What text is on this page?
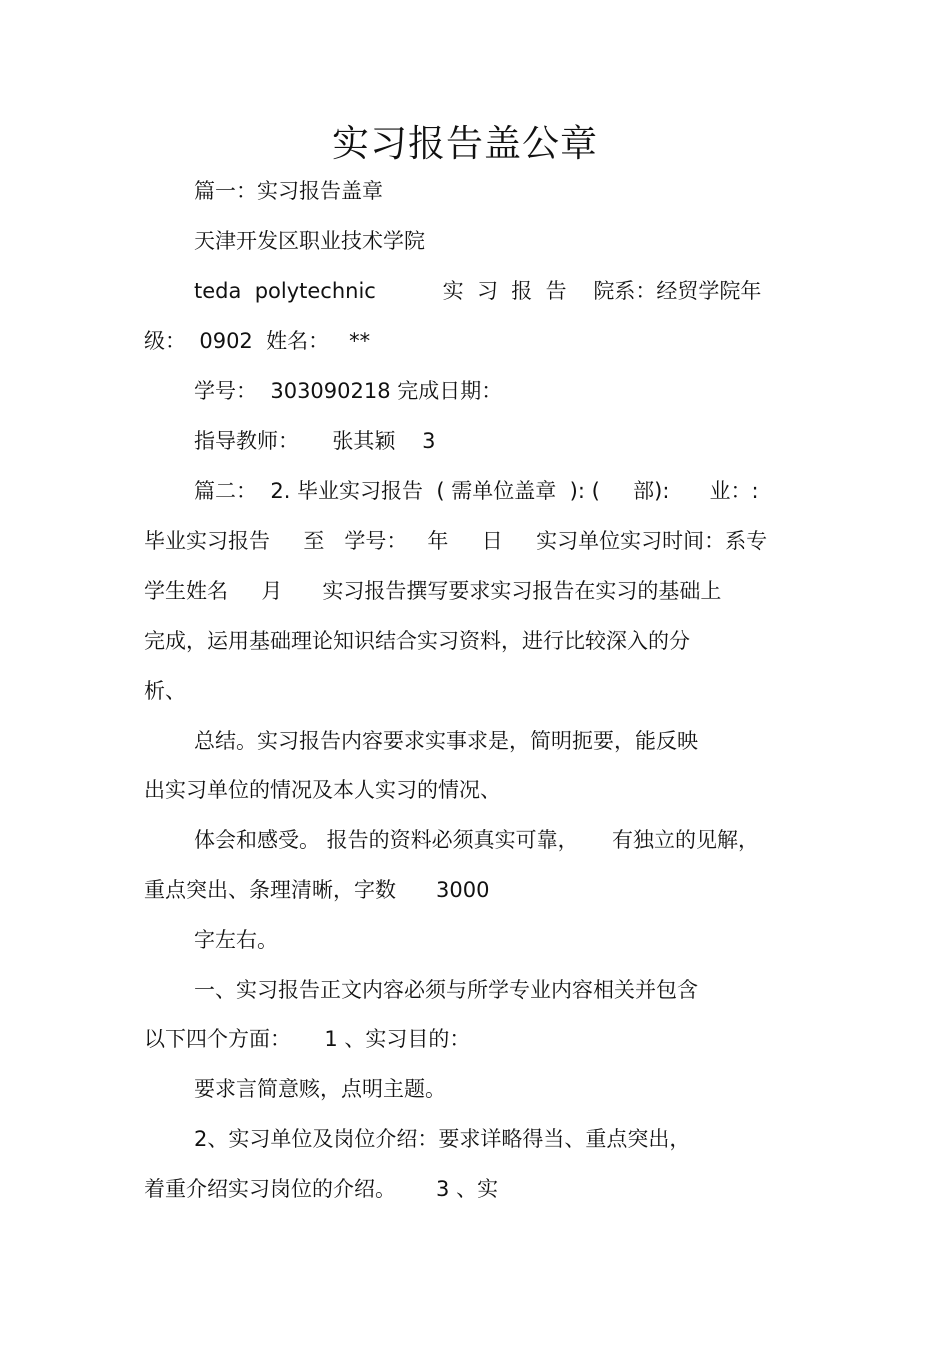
实习报告盖公章
篇一：实习报告盖章
天津开发区职业技术学院
teda  polytechnic          实  习  报  告    院系：经贸学院年
级：  0902  姓名：   **
学号：  303090218 完成日期：
指导教师：     张其颖    3
篇二：  2. 毕业实习报告  ( 需单位盖章  ): (     部):      业：:
毕业实习报告     至   学号：   年     日     实习单位实习时间：系专
学生姓名     月      实习报告撰写要求实习报告在实习的基础上
完成，运用基础理论知识结合实习资料，进行比较深入的分
析、
总结。实习报告内容要求实事求是，简明扼要，能反映
出实习单位的情况及本人实习的情况、
体会和感受。 报告的资料必须真实可靠，     有独立的见解，
重点突出、条理清晰，字数      3000
字左右。
一、实习报告正文内容必须与所学专业内容相关并包含
以下四个方面：     1 、实习目的：
要求言简意赅，点明主题。
2、实习单位及岗位介绍：要求详略得当、重点突出，
着重介绍实习岗位的介绍。      3 、实
